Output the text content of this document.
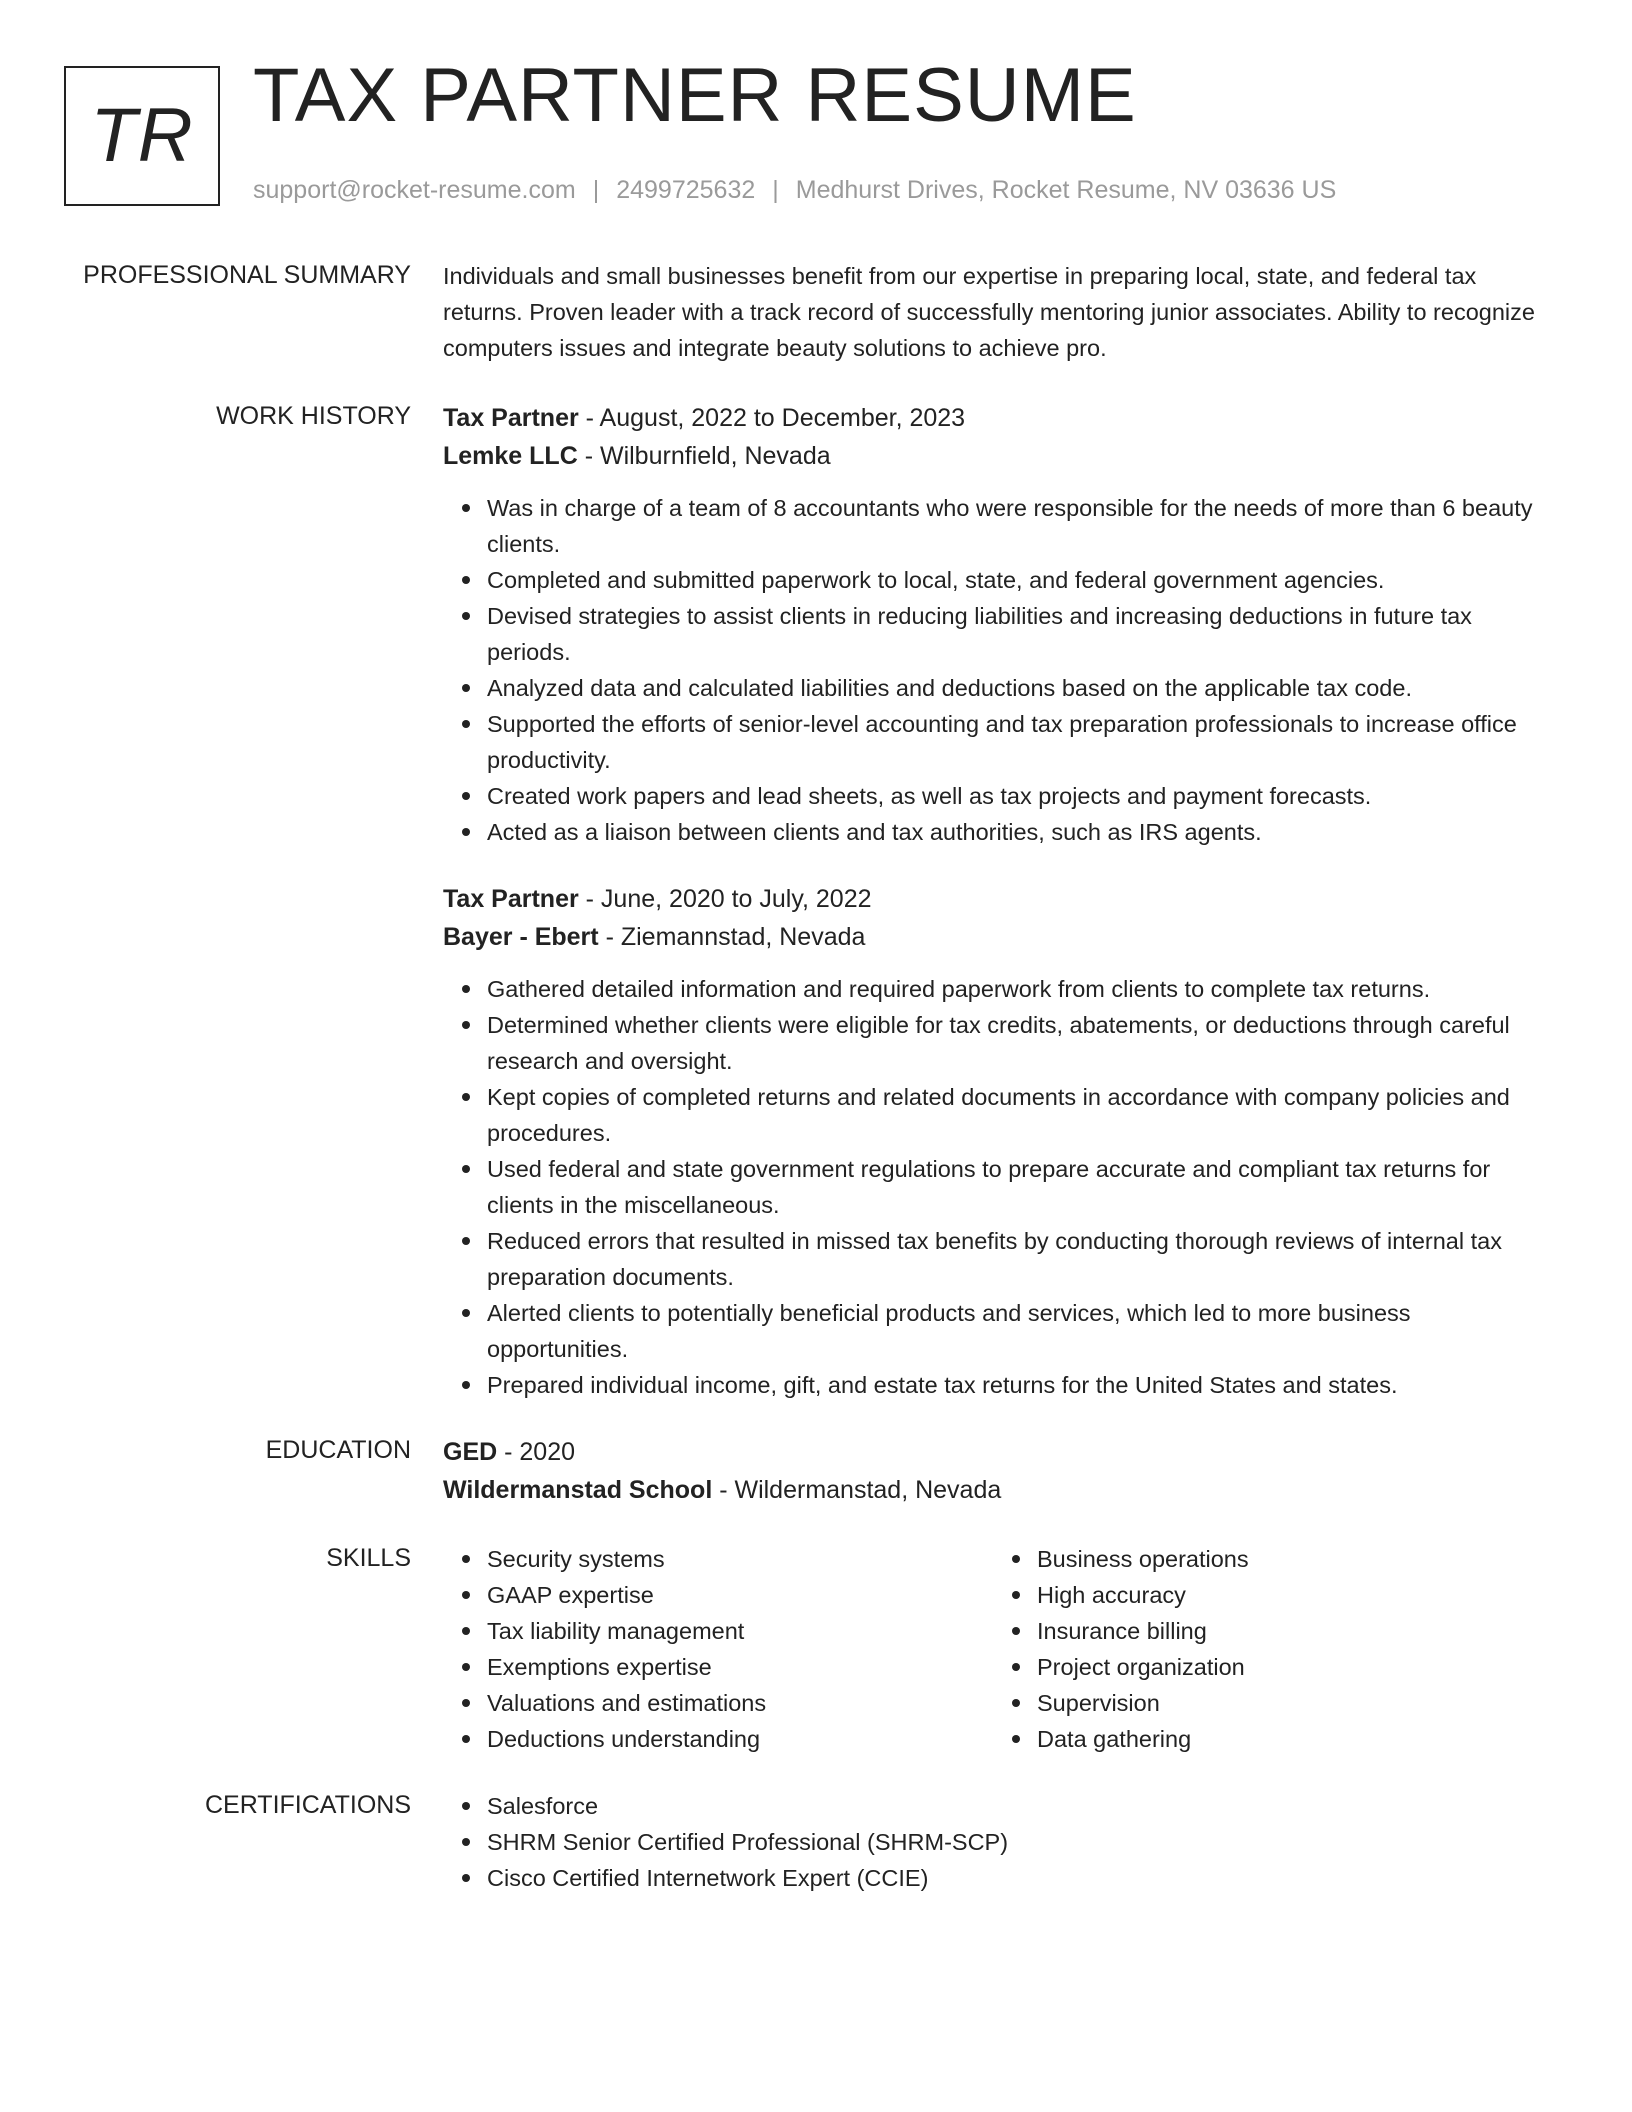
TR TAX PARTNER RESUME
support@rocket-resume.com | 2499725632 | Medhurst Drives, Rocket Resume, NV 03636 US
PROFESSIONAL SUMMARY Individuals and small businesses benefit from our expertise in preparing local, state, and federal tax returns. Proven leader with a track record of successfully mentoring junior associates. Ability to recognize computers issues and integrate beauty solutions to achieve pro.

WORK HISTORY Tax Partner - August, 2022 to December, 2023
Lemke LLC - Wilburnfield, Nevada
Was in charge of a team of 8 accountants who were responsible for the needs of more than 6 beauty clients.
Completed and submitted paperwork to local, state, and federal government agencies.
Devised strategies to assist clients in reducing liabilities and increasing deductions in future tax periods.
Analyzed data and calculated liabilities and deductions based on the applicable tax code.
Supported the efforts of senior-level accounting and tax preparation professionals to increase office productivity.
Created work papers and lead sheets, as well as tax projects and payment forecasts.
Acted as a liaison between clients and tax authorities, such as IRS agents.
Tax Partner - June, 2020 to July, 2022
Bayer - Ebert - Ziemannstad, Nevada
Gathered detailed information and required paperwork from clients to complete tax returns.
Determined whether clients were eligible for tax credits, abatements, or deductions through careful research and oversight.
Kept copies of completed returns and related documents in accordance with company policies and procedures.
Used federal and state government regulations to prepare accurate and compliant tax returns for clients in the miscellaneous.
Reduced errors that resulted in missed tax benefits by conducting thorough reviews of internal tax preparation documents.
Alerted clients to potentially beneficial products and services, which led to more business opportunities.
Prepared individual income, gift, and estate tax returns for the United States and states.
EDUCATION GED - 2020
Wildermanstad School - Wildermanstad, Nevada
SKILLS	Security systems
GAAP expertise
Tax liability management
Exemptions expertise
Valuations and estimations
Deductions understanding
Business operations
High accuracy
Insurance billing
Project organization
Supervision
Data gathering
CERTIFICATIONS	Salesforce
SHRM Senior Certified Professional (SHRM-SCP)
Cisco Certified Internetwork Expert (CCIE)
